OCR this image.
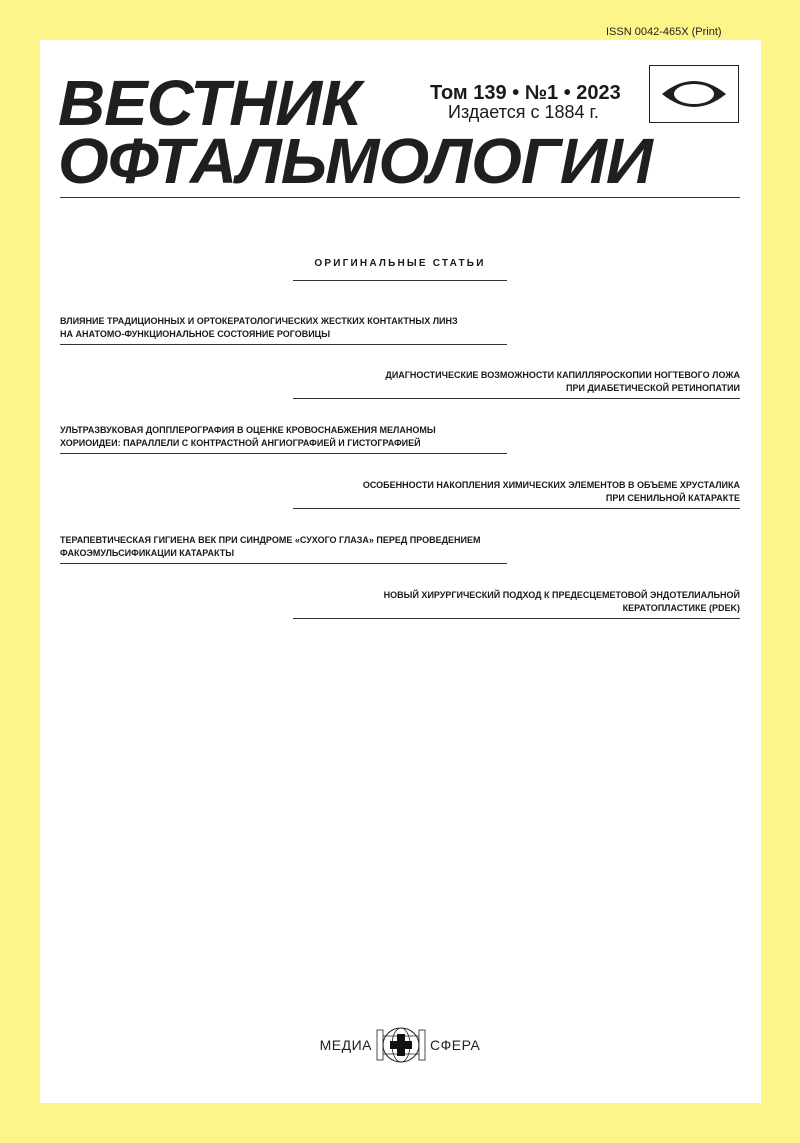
ISSN 0042-465X (Print)
ВЕСТНИК
ОФТАЛЬМОЛОГИИ
Том 139 • №1 • 2023
Издается с 1884 г.
ОРИГИНАЛЬНЫЕ СТАТЬИ
ВЛИЯНИЕ ТРАДИЦИОННЫХ И ОРТОКЕРАТОЛОГИЧЕСКИХ ЖЕСТКИХ КОНТАКТНЫХ ЛИНЗ
НА АНАТОМО-ФУНКЦИОНАЛЬНОЕ СОСТОЯНИЕ РОГОВИЦЫ
ДИАГНОСТИЧЕСКИЕ ВОЗМОЖНОСТИ КАПИЛЛЯРОСКОПИИ НОГТЕВОГО ЛОЖА
ПРИ ДИАБЕТИЧЕСКОЙ РЕТИНОПАТИИ
УЛЬТРАЗВУКОВАЯ ДОППЛЕРОГРАФИЯ В ОЦЕНКЕ КРОВОСНАБЖЕНИЯ МЕЛАНОМЫ
ХОРИОИДЕИ: ПАРАЛЛЕЛИ С КОНТРАСТНОЙ АНГИОГРАФИЕЙ И ГИСТОГРАФИЕЙ
ОСОБЕННОСТИ НАКОПЛЕНИЯ ХИМИЧЕСКИХ ЭЛЕМЕНТОВ В ОБЪЕМЕ ХРУСТАЛИКА
ПРИ СЕНИЛЬНОЙ КАТАРАКТЕ
ТЕРАПЕВТИЧЕСКАЯ ГИГИЕНА ВЕК ПРИ СИНДРОМЕ «СУХОГО ГЛАЗА» ПЕРЕД ПРОВЕДЕНИЕМ
ФАКОЭМУЛЬСИФИКАЦИИ КАТАРАКТЫ
НОВЫЙ ХИРУРГИЧЕСКИЙ ПОДХОД К ПРЕДЕСЦЕМЕТОВОЙ ЭНДОТЕЛИАЛЬНОЙ
КЕРАТОПЛАСТИКЕ (PDEK)
МЕДИА	СФЕРА
